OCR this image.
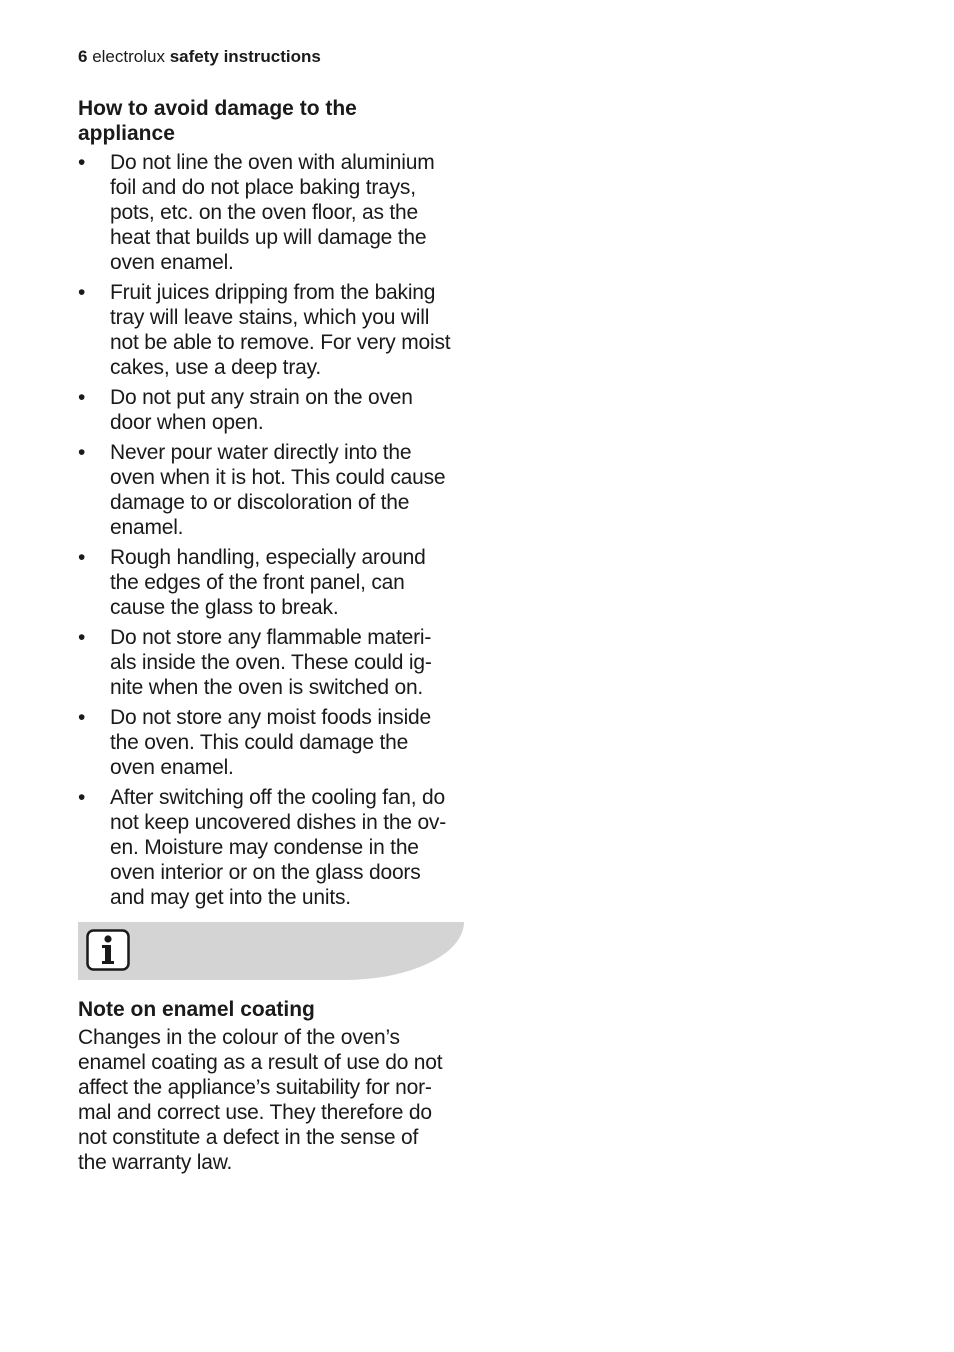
6 electrolux safety instructions
How to avoid damage to the
appliance
•	Do not line the oven with aluminium
foil and do not place baking trays,
pots, etc. on the oven floor, as the
heat that builds up will damage the
oven enamel.
•	Fruit juices dripping from the baking
tray will leave stains, which you will
not be able to remove. For very moist
cakes, use a deep tray.
•	Do not put any strain on the oven
door when open.
•	Never pour water directly into the
oven when it is hot. This could cause
damage to or discoloration of the
enamel.
•	Rough handling, especially around
the edges of the front panel, can
cause the glass to break.
•	Do not store any flammable materi-
als inside the oven. These could ig-
nite when the oven is switched on.
•	Do not store any moist foods inside
the oven. This could damage the
oven enamel.
•	After switching off the cooling fan, do
not keep uncovered dishes in the ov-
en. Moisture may condense in the
oven interior or on the glass doors
and may get into the units.
Note on enamel coating

Changes in the colour of the oven’s
enamel coating as a result of use do not
affect the appliance’s suitability for nor-
mal and correct use. They therefore do
not constitute a defect in the sense of
the warranty law.
